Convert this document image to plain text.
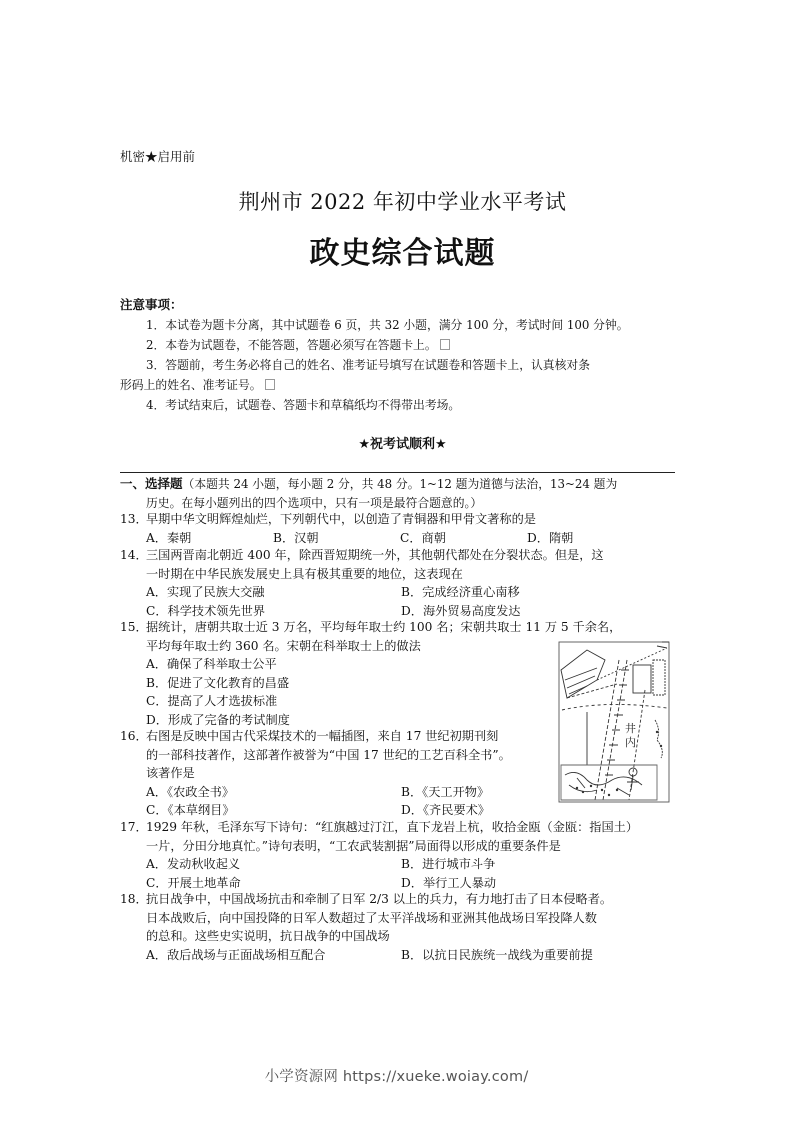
机密★启用前
荆州市 2022 年初中学业水平考试
政史综合试题
注意事项：
1．本试卷为题卡分离，其中试题卷 6 页，共 32 小题，满分 100 分，考试时间 100 分钟。
2．本卷为试题卷，不能答题，答题必须写在答题卡上。
3．答题前，考生务必将自己的姓名、准考证号填写在试题卷和答题卡上，认真核对条
形码上的姓名、准考证号。
4．考试结束后，试题卷、答题卡和草稿纸均不得带出考场。
★祝考试顺利★
一、选择题（本题共 24 小题，每小题 2 分，共 48 分。1~12 题为道德与法治，13~24 题为
历史。在每小题列出的四个选项中，只有一项是最符合题意的。）
13．早期中华文明辉煌灿烂，下列朝代中，以创造了青铜器和甲骨文著称的是
A．秦朝	B．汉朝	C．商朝	D．隋朝
14．三国两晋南北朝近 400 年，除西晋短期统一外，其他朝代都处在分裂状态。但是，这
一时期在中华民族发展史上具有极其重要的地位，这表现在
A．实现了民族大交融	B．完成经济重心南移
C．科学技术领先世界	D．海外贸易高度发达
15．据统计，唐朝共取士近 3 万名，平均每年取士约 100 名；宋朝共取士 11 万 5 千余名，
平均每年取士约 360 名。宋朝在科举取士上的做法
A．确保了科举取士公平
B．促进了文化教育的昌盛
C．提高了人才选拔标准
D．形成了完备的考试制度
16．右图是反映中国古代采煤技术的一幅插图，来自 17 世纪初期刊刻
的一部科技著作，这部著作被誉为“中国 17 世纪的工艺百科全书”。
该著作是
A．《农政全书》	B．《天工开物》
C．《本草纲目》	D．《齐民要术》
17．1929 年秋，毛泽东写下诗句：“红旗越过汀江，直下龙岩上杭，收拾金瓯（金瓯：指国土）
一片，分田分地真忙。”诗句表明，“工农武装割据”局面得以形成的重要条件是
A．发动秋收起义	B．进行城市斗争
C．开展土地革命	D．举行工人暴动
18．抗日战争中，中国战场抗击和牵制了日军 2/3 以上的兵力，有力地打击了日本侵略者。
日本战败后，向中国投降的日军人数超过了太平洋战场和亚洲其他战场日军投降人数
的总和。这些史实说明，抗日战争的中国战场
A．敌后战场与正面战场相互配合	B．以抗日民族统一战线为重要前提
井
内
小学资源网 https://xueke.woiay.com/
